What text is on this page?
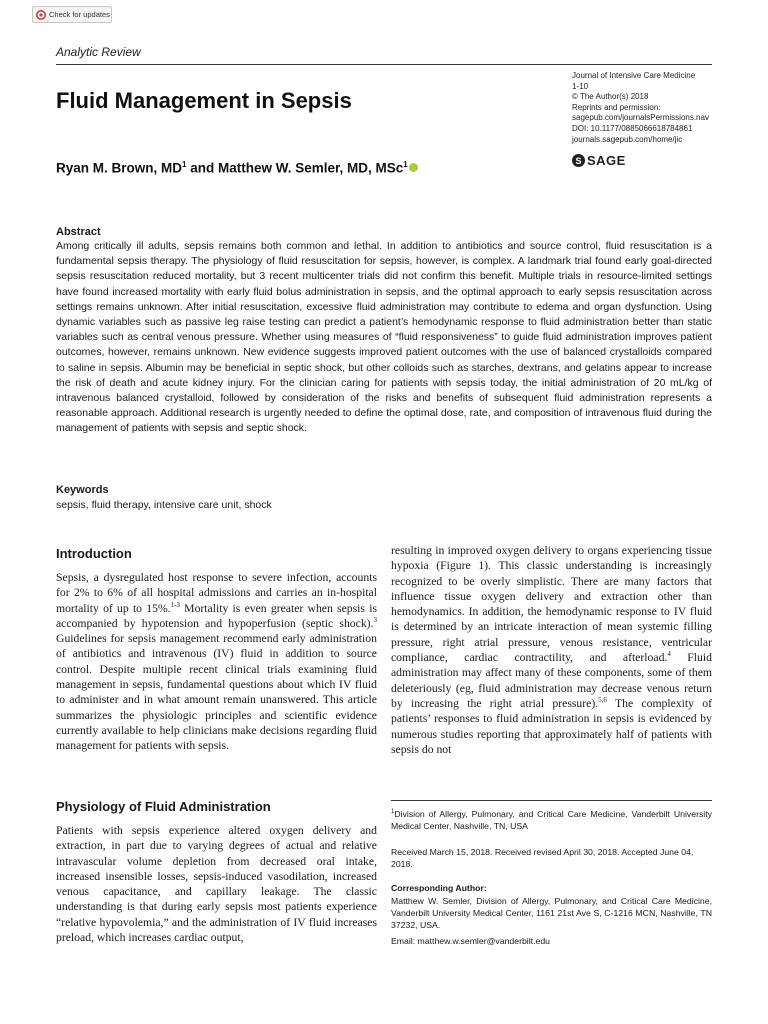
Check for updates
Analytic Review
Journal of Intensive Care Medicine
1-10
© The Author(s) 2018
Reprints and permission:
sagepub.com/journalsPermissions.nav
DOI: 10.1177/0885066618784861
journals.sagepub.com/home/jic
S SAGE
Fluid Management in Sepsis
Ryan M. Brown, $MD^1$ and Matthew W. Semler, MD, MSc$^1$
Abstract

Among critically ill adults, sepsis remains both common and lethal. In addition to antibiotics and source control, fluid resuscitation is a fundamental sepsis therapy. The physiology of fluid resuscitation for sepsis, however, is complex. A landmark trial found early goal-directed sepsis resuscitation reduced mortality, but 3 recent multicenter trials did not confirm this benefit. Multiple trials in resource-limited settings have found increased mortality with early fluid bolus administration in sepsis, and the optimal approach to early sepsis resuscitation across settings remains unknown. After initial resuscitation, excessive fluid administration may contribute to edema and organ dysfunction. Using dynamic variables such as passive leg raise testing can predict a patient’s hemodynamic response to fluid administration better than static variables such as central venous pressure. Whether using measures of “fluid responsiveness” to guide fluid administration improves patient outcomes, however, remains unknown. New evidence suggests improved patient outcomes with the use of balanced crystalloids compared to saline in sepsis. Albumin may be beneficial in septic shock, but other colloids such as starches, dextrans, and gelatins appear to increase the risk of death and acute kidney injury. For the clinician caring for patients with sepsis today, the initial administration of 20 mL/kg of intravenous balanced crystalloid, followed by consideration of the risks and benefits of subsequent fluid administration represents a reasonable approach. Additional research is urgently needed to define the optimal dose, rate, and composition of intravenous fluid during the management of patients with sepsis and septic shock.

Keywords
sepsis, fluid therapy, intensive care unit, shock
Introduction

Sepsis, a dysregulated host response to severe infection, accounts for 2% to 6% of all hospital admissions and carries an in-hospital mortality of up to 15%.$^{1-3}$ Mortality is even greater when sepsis is accompanied by hypotension and hypoperfusion (septic shock).$^3$ Guidelines for sepsis management recommend early administration of antibiotics and intravenous (IV) fluid in addition to source control. Despite multiple recent clinical trials examining fluid management in sepsis, fundamental questions about which IV fluid to administer and in what amount remain unanswered. This article summarizes the physiologic principles and scientific evidence currently available to help clinicians make decisions regarding fluid management for patients with sepsis.

Physiology of Fluid Administration

Patients with sepsis experience altered oxygen delivery and extraction, in part due to varying degrees of actual and relative intravascular volume depletion from decreased oral intake, increased insensible losses, sepsis-induced vasodilation, increased venous capacitance, and capillary leakage. The classic understanding is that during early sepsis most patients experience “relative hypovolemia,” and the administration of IV fluid increases preload, which increases cardiac output,

resulting in improved oxygen delivery to organs experiencing tissue hypoxia (Figure 1). This classic understanding is increasingly recognized to be overly simplistic. There are many factors that influence tissue oxygen delivery and extraction other than hemodynamics. In addition, the hemodynamic response to IV fluid is determined by an intricate interaction of mean systemic filling pressure, right atrial pressure, venous resistance, ventricular compliance, cardiac contractility, and afterload.$^4$ Fluid administration may affect many of these components, some of them deleteriously (eg, fluid administration may decrease venous return by increasing the right atrial pressure).$^{5,6}$ The complexity of patients’ responses to fluid administration in sepsis is evidenced by numerous studies reporting that approximately half of patients with sepsis do not

$^1$Division of Allergy, Pulmonary, and Critical Care Medicine, Vanderbilt University Medical Center, Nashville, TN, USA

Received March 15, 2018. Received revised April 30, 2018. Accepted June 04, 2018.

Corresponding Author:

Matthew W. Semler, Division of Allergy, Pulmonary, and Critical Care Medicine, Vanderbilt University Medical Center, 1161 21st Ave S, C-1216 MCN, Nashville, TN 37232, USA.

Email: matthew.w.semler@vanderbilt.edu
